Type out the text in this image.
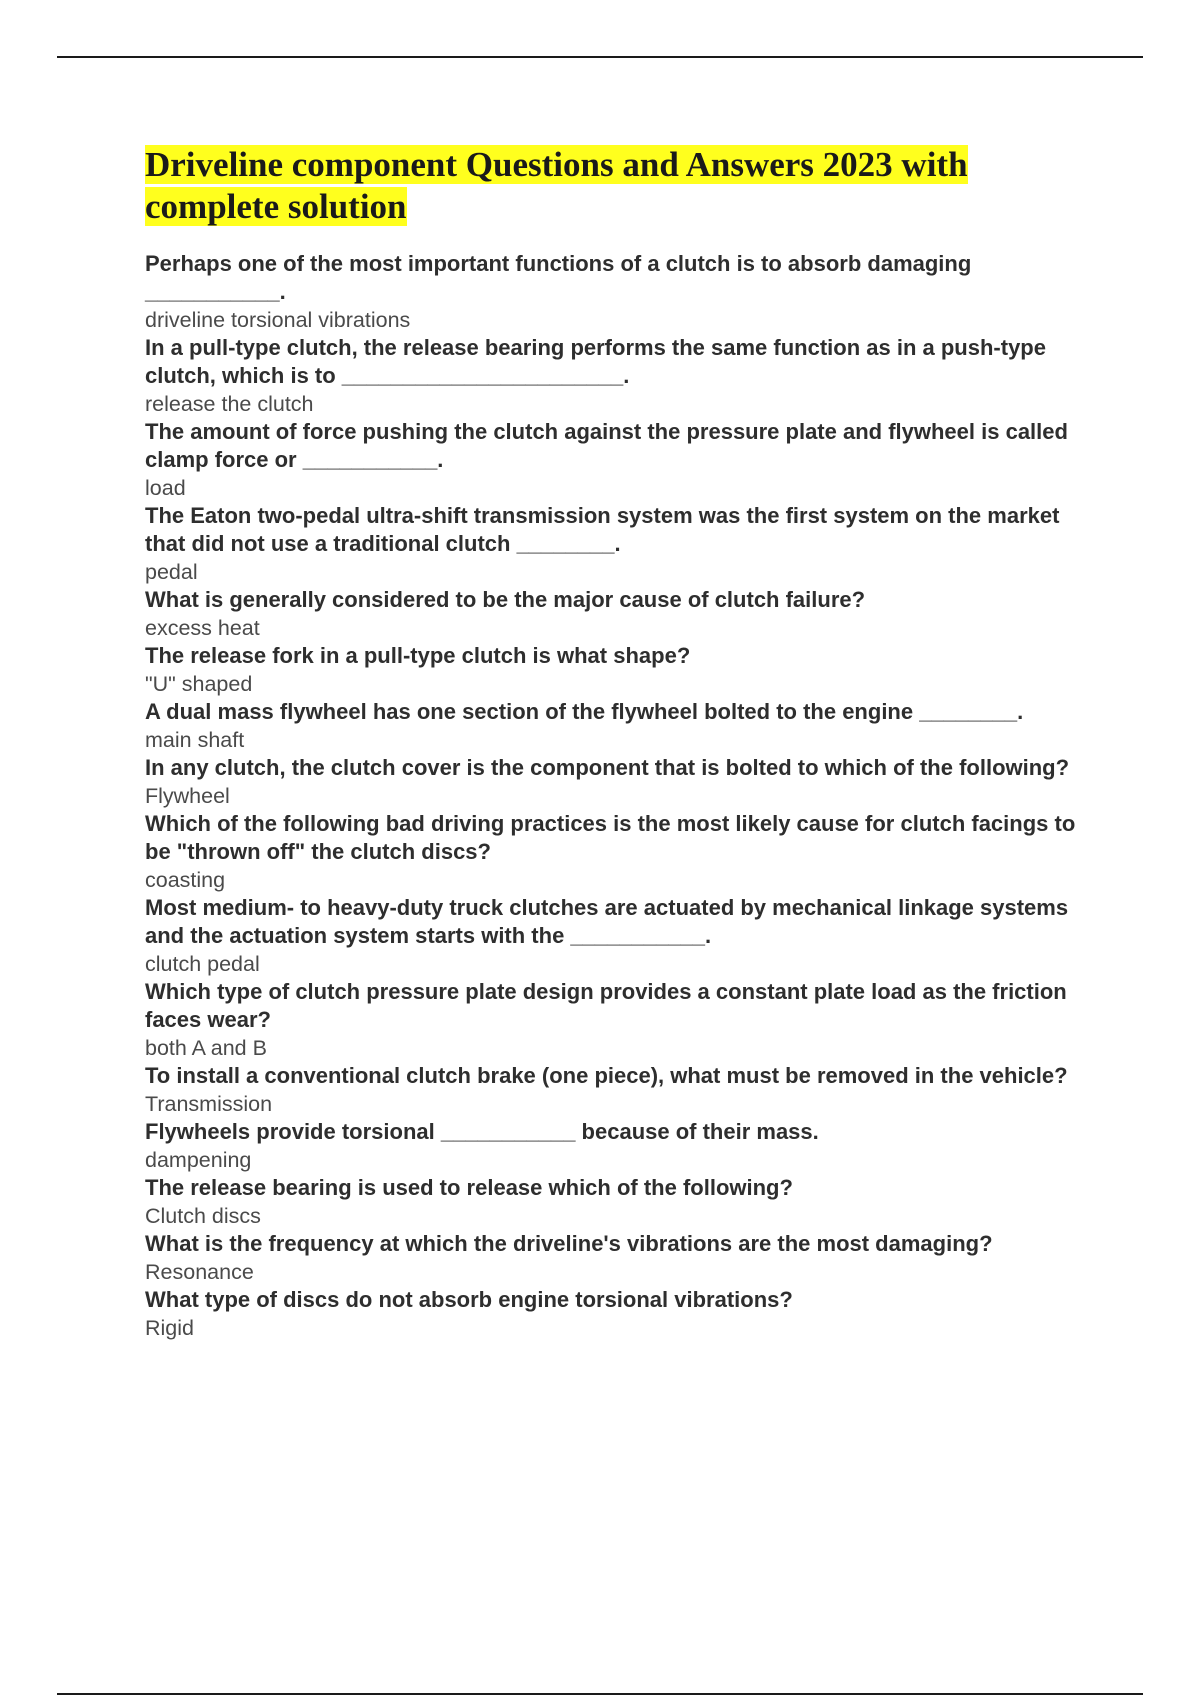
Driveline component Questions and Answers 2023 with complete solution

Perhaps one of the most important functions of a clutch is to absorb damaging ___________.

driveline torsional vibrations

In a pull-type clutch, the release bearing performs the same function as in a push-type clutch, which is to _______________________.

release the clutch

The amount of force pushing the clutch against the pressure plate and flywheel is called clamp force or ___________.

load

The Eaton two-pedal ultra-shift transmission system was the first system on the market that did not use a traditional clutch ________.

pedal

What is generally considered to be the major cause of clutch failure?

excess heat

The release fork in a pull-type clutch is what shape?

"U" shaped

A dual mass flywheel has one section of the flywheel bolted to the engine ________.

main shaft

In any clutch, the clutch cover is the component that is bolted to which of the following?

Flywheel

Which of the following bad driving practices is the most likely cause for clutch facings to be "thrown off" the clutch discs?

coasting

Most medium- to heavy-duty truck clutches are actuated by mechanical linkage systems and the actuation system starts with the ___________.

clutch pedal

Which type of clutch pressure plate design provides a constant plate load as the friction faces wear?

both A and B

To install a conventional clutch brake (one piece), what must be removed in the vehicle?

Transmission

Flywheels provide torsional ___________ because of their mass.

dampening

The release bearing is used to release which of the following?

Clutch discs

What is the frequency at which the driveline's vibrations are the most damaging?

Resonance

What type of discs do not absorb engine torsional vibrations?

Rigid
